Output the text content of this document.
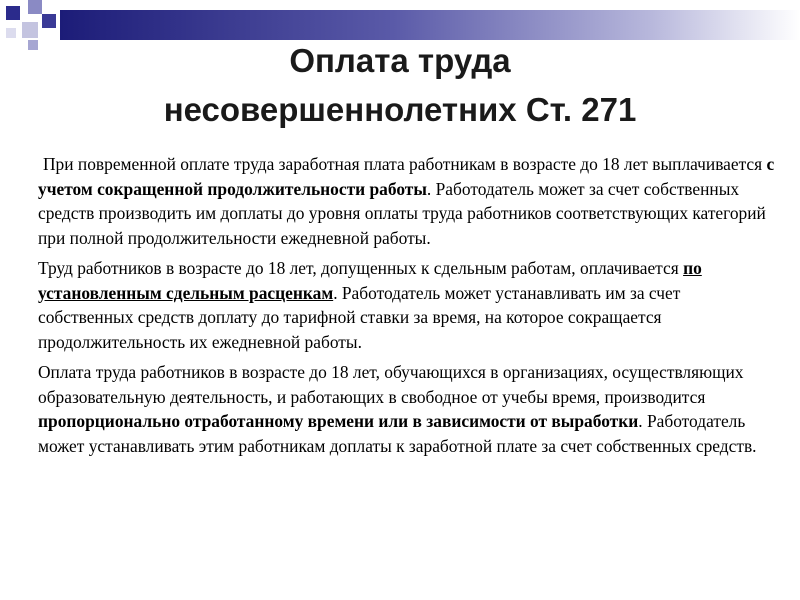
Оплата труда
несовершеннолетних Ст. 271

При повременной оплате труда заработная плата работникам в возрасте до 18 лет выплачивается с учетом сокращенной продолжительности работы. Работодатель может за счет собственных средств производить им доплаты до уровня оплаты труда работников соответствующих категорий при полной продолжительности ежедневной работы.

Труд работников в возрасте до 18 лет, допущенных к сдельным работам, оплачивается по установленным сдельным расценкам. Работодатель может устанавливать им за счет собственных средств доплату до тарифной ставки за время, на которое сокращается продолжительность их ежедневной работы.

Оплата труда работников в возрасте до 18 лет, обучающихся в организациях, осуществляющих образовательную деятельность, и работающих в свободное от учебы время, производится пропорционально отработанному времени или в зависимости от выработки. Работодатель может устанавливать этим работникам доплаты к заработной плате за счет собственных средств.
